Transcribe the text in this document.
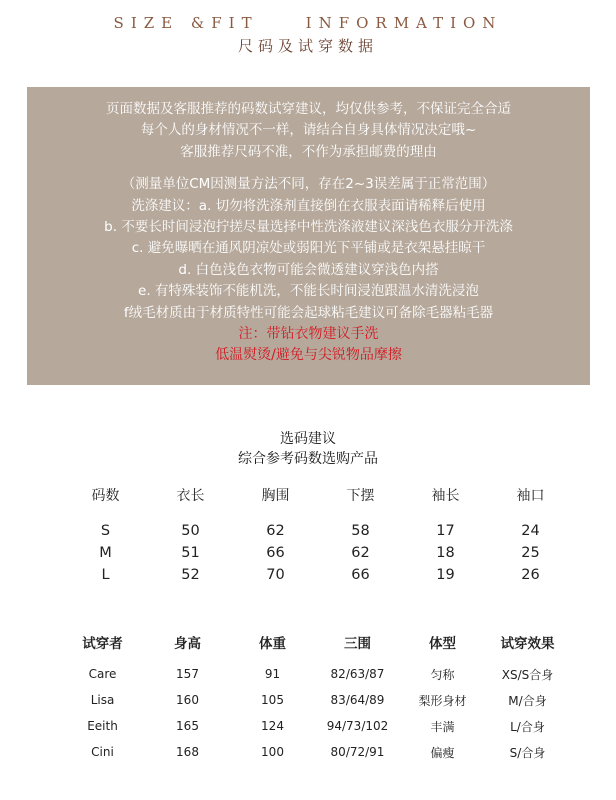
SIZE &FIT    INFORMATION
尺码及试穿数据
页面数据及客服推荐的码数试穿建议，均仅供参考，不保证完全合适
每个人的身材情况不一样，请结合自身具体情况决定哦~
客服推荐尺码不准，不作为承担邮费的理由
（测量单位CM因测量方法不同，存在2~3误差属于正常范围）
洗涤建议：a. 切勿将洗涤剂直接倒在衣服表面请稀释后使用
b. 不要长时间浸泡拧搓尽量选择中性洗涤液建议深浅色衣服分开洗涤
c. 避免曝晒在通风阴凉处或弱阳光下平铺或是衣架悬挂晾干
d. 白色浅色衣物可能会微透建议穿浅色内搭
e. 有特殊装饰不能机洗，不能长时间浸泡跟温水清洗浸泡
f绒毛材质由于材质特性可能会起球粘毛建议可备除毛器粘毛器
注：带钻衣物建议手洗
低温熨烫/避免与尖锐物品摩擦
选码建议
综合参考码数选购产品
码数	衣长	胸围	下摆	袖长	袖口
S	50	62	58	17	24
M	51	66	62	18	25
L	52	70	66	19	26
试穿者	身高	体重	三围	体型	试穿效果
Care	157	91	82/63/87	匀称	XS/S合身
Lisa	160	105	83/64/89	梨形身材	M/合身
Eeith	165	124	94/73/102	丰满	L/合身
Cini	168	100	80/72/91	偏瘦	S/合身
